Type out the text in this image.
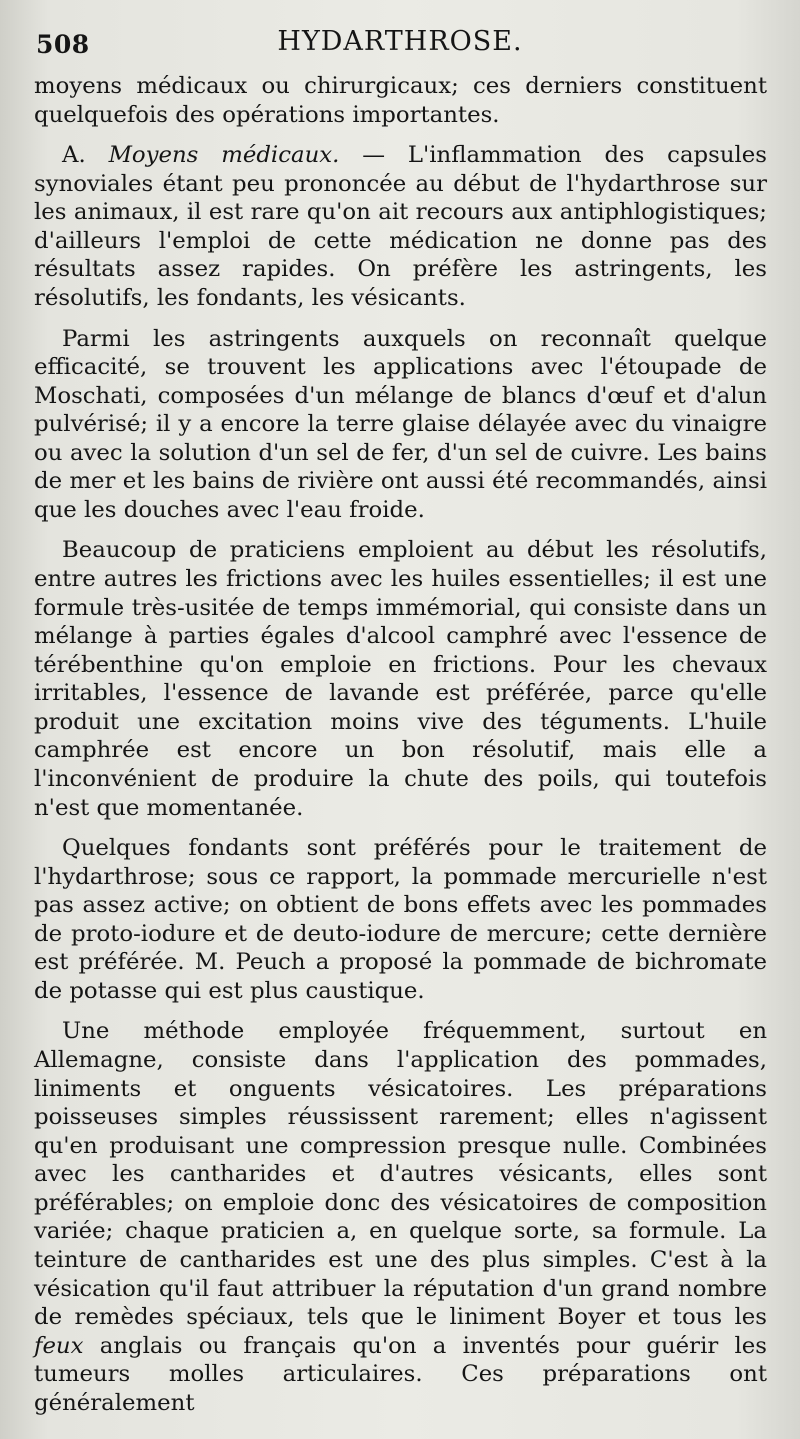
508	HYDARTHROSE.

moyens médicaux ou chirurgicaux; ces derniers constituent quelquefois des opérations importantes.

A. Moyens médicaux. — L'inflammation des capsules synoviales étant peu prononcée au début de l'hydarthrose sur les animaux, il est rare qu'on ait recours aux antiphlogistiques; d'ailleurs l'emploi de cette médication ne donne pas des résultats assez rapides. On préfère les astringents, les résolutifs, les fondants, les vésicants.

Parmi les astringents auxquels on reconnaît quelque efficacité, se trouvent les applications avec l'étoupade de Moschati, composées d'un mélange de blancs d'œuf et d'alun pulvérisé; il y a encore la terre glaise délayée avec du vinaigre ou avec la solution d'un sel de fer, d'un sel de cuivre. Les bains de mer et les bains de rivière ont aussi été recommandés, ainsi que les douches avec l'eau froide.

Beaucoup de praticiens emploient au début les résolutifs, entre autres les frictions avec les huiles essentielles; il est une formule très-usitée de temps immémorial, qui consiste dans un mélange à parties égales d'alcool camphré avec l'essence de térébenthine qu'on emploie en frictions. Pour les chevaux irritables, l'essence de lavande est préférée, parce qu'elle produit une excitation moins vive des téguments. L'huile camphrée est encore un bon résolutif, mais elle a l'inconvénient de produire la chute des poils, qui toutefois n'est que momentanée.

Quelques fondants sont préférés pour le traitement de l'hydarthrose; sous ce rapport, la pommade mercurielle n'est pas assez active; on obtient de bons effets avec les pommades de proto-iodure et de deuto-iodure de mercure; cette dernière est préférée. M. Peuch a proposé la pommade de bichromate de potasse qui est plus caustique.

Une méthode employée fréquemment, surtout en Allemagne, consiste dans l'application des pommades, liniments et onguents vésicatoires. Les préparations poisseuses simples réussissent rarement; elles n'agissent qu'en produisant une compression presque nulle. Combinées avec les cantharides et d'autres vésicants, elles sont préférables; on emploie donc des vésicatoires de composition variée; chaque praticien a, en quelque sorte, sa formule. La teinture de cantharides est une des plus simples. C'est à la vésication qu'il faut attribuer la réputation d'un grand nombre de remèdes spéciaux, tels que le liniment Boyer et tous les feux anglais ou français qu'on a inventés pour guérir les tumeurs molles articulaires. Ces préparations ont généralement
